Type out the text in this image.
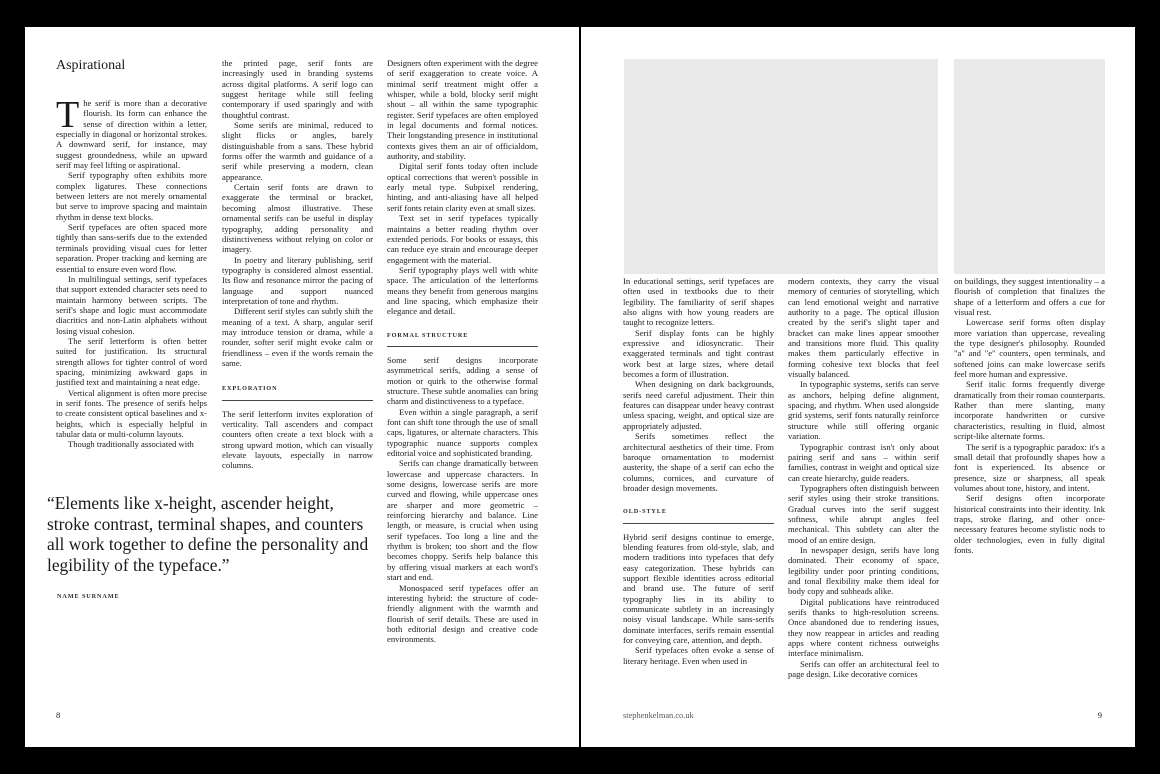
Aspirational

The serif is more than a decorative flourish. Its form can enhance the sense of direction within a letter, especially in diagonal or horizontal strokes. A downward serif, for instance, may suggest groundedness, while an upward serif may feel lifting or aspirational.

Serif typography often exhibits more complex ligatures. These connections between letters are not merely ornamental but serve to improve spacing and maintain rhythm in dense text blocks.

Serif typefaces are often spaced more tightly than sans-serifs due to the extended terminals providing visual cues for letter separation. Proper tracking and kerning are essential to ensure even word flow.

In multilingual settings, serif typefaces that support extended character sets need to maintain harmony between scripts. The serif's shape and logic must accommodate diacritics and non-Latin alphabets without losing visual cohesion.

The serif letterform is often better suited for justification. Its structural strength allows for tighter control of word spacing, minimizing awkward gaps in justified text and maintaining a neat edge.

Vertical alignment is often more precise in serif fonts. The presence of serifs helps to create consistent optical baselines and x-heights, which is especially helpful in tabular data or multi-column layouts.

Though traditionally associated with

the printed page, serif fonts are increasingly used in branding systems across digital platforms. A serif logo can suggest heritage while still feeling contemporary if used sparingly and with thoughtful contrast.

Some serifs are minimal, reduced to slight flicks or angles, barely distinguishable from a sans. These hybrid forms offer the warmth and guidance of a serif while preserving a modern, clean appearance.

Certain serif fonts are drawn to exaggerate the terminal or bracket, becoming almost illustrative. These ornamental serifs can be useful in display typography, adding personality and distinctiveness without relying on color or imagery.

In poetry and literary publishing, serif typography is considered almost essential. Its flow and resonance mirror the pacing of language and support nuanced interpretation of tone and rhythm.

Different serif styles can subtly shift the meaning of a text. A sharp, angular serif may introduce tension or drama, while a rounder, softer serif might evoke calm or friendliness – even if the words remain the same.

EXPLORATION

The serif letterform invites exploration of verticality. Tall ascenders and compact counters often create a text block with a strong upward motion, which can visually elevate layouts, especially in narrow columns.

Designers often experiment with the degree of serif exaggeration to create voice. A minimal serif treatment might offer a whisper, while a bold, blocky serif might shout – all within the same typographic register. Serif typefaces are often employed in legal documents and formal notices. Their longstanding presence in institutional contexts gives them an air of officialdom, authority, and stability.

Digital serif fonts today often include optical corrections that weren't possible in early metal type. Subpixel rendering, hinting, and anti-aliasing have all helped serif fonts retain clarity even at small sizes.

Text set in serif typefaces typically maintains a better reading rhythm over extended periods. For books or essays, this can reduce eye strain and encourage deeper engagement with the material.

Serif typography plays well with white space. The articulation of the letterforms means they benefit from generous margins and line spacing, which emphasize their elegance and detail.

FORMAL STRUCTURE

Some serif designs incorporate asymmetrical serifs, adding a sense of motion or quirk to the otherwise formal structure. These subtle anomalies can bring charm and distinctiveness to a typeface.

Even within a single paragraph, a serif font can shift tone through the use of small caps, ligatures, or alternate characters. This typographic nuance supports complex editorial voice and sophisticated branding.

Serifs can change dramatically between lowercase and uppercase characters. In some designs, lowercase serifs are more curved and flowing, while uppercase ones are sharper and more geometric – reinforcing hierarchy and balance. Line length, or measure, is crucial when using serif typefaces. Too long a line and the rhythm is broken; too short and the flow becomes choppy. Serifs help balance this by offering visual markers at each word's start and end.

Monospaced serif typefaces offer an interesting hybrid: the structure of code-friendly alignment with the warmth and flourish of serif details. These are used in both editorial design and creative code environments.

“Elements like x-height, ascender height, stroke contrast, terminal shapes, and counters all work together to define the personality and legibility of the typeface.”
NAME SURNAME
8

In educational settings, serif typefaces are often used in textbooks due to their legibility. The familiarity of serif shapes also aligns with how young readers are taught to recognize letters.

Serif display fonts can be highly expressive and idiosyncratic. Their exaggerated terminals and tight contrast work best at large sizes, where detail becomes a form of illustration.

When designing on dark backgrounds, serifs need careful adjustment. Their thin features can disappear under heavy contrast unless spacing, weight, and optical size are appropriately adjusted.

Serifs sometimes reflect the architectural aesthetics of their time. From baroque ornamentation to modernist austerity, the shape of a serif can echo the columns, cornices, and curvature of broader design movements.

OLD-STYLE

Hybrid serif designs continue to emerge, blending features from old-style, slab, and modern traditions into typefaces that defy easy categorization. These hybrids can support flexible identities across editorial and brand use. The future of serif typography lies in its ability to communicate subtlety in an increasingly noisy visual landscape. While sans-serifs dominate interfaces, serifs remain essential for conveying care, attention, and depth.

Serif typefaces often evoke a sense of literary heritage. Even when used in

modern contexts, they carry the visual memory of centuries of storytelling, which can lend emotional weight and narrative authority to a page. The optical illusion created by the serif's slight taper and bracket can make lines appear smoother and transitions more fluid. This quality makes them particularly effective in forming cohesive text blocks that feel visually balanced.

In typographic systems, serifs can serve as anchors, helping define alignment, spacing, and rhythm. When used alongside grid systems, serif fonts naturally reinforce structure while still offering organic variation.

Typographic contrast isn't only about pairing serif and sans – within serif families, contrast in weight and optical size can create hierarchy, guide readers.

Typographers often distinguish between serif styles using their stroke transitions. Gradual curves into the serif suggest softness, while abrupt angles feel mechanical. This subtlety can alter the mood of an entire design.

In newspaper design, serifs have long dominated. Their economy of space, legibility under poor printing conditions, and tonal flexibility make them ideal for body copy and subheads alike.

Digital publications have reintroduced serifs thanks to high-resolution screens. Once abandoned due to rendering issues, they now reappear in articles and reading apps where content richness outweighs interface minimalism.

Serifs can offer an architectural feel to page design. Like decorative cornices

on buildings, they suggest intentionality – a flourish of completion that finalizes the shape of a letterform and offers a cue for visual rest.

Lowercase serif forms often display more variation than uppercase, revealing the type designer's philosophy. Rounded "a" and "e" counters, open terminals, and softened joins can make lowercase serifs feel more human and expressive.

Serif italic forms frequently diverge dramatically from their roman counterparts. Rather than mere slanting, many incorporate handwritten or cursive characteristics, resulting in fluid, almost script-like alternate forms.

The serif is a typographic paradox: it's a small detail that profoundly shapes how a font is experienced. Its absence or presence, size or sharpness, all speak volumes about tone, history, and intent.

Serif designs often incorporate historical constraints into their identity. Ink traps, stroke flaring, and other once-necessary features become stylistic nods to older technologies, even in fully digital fonts.

stephenkelman.co.uk	9
